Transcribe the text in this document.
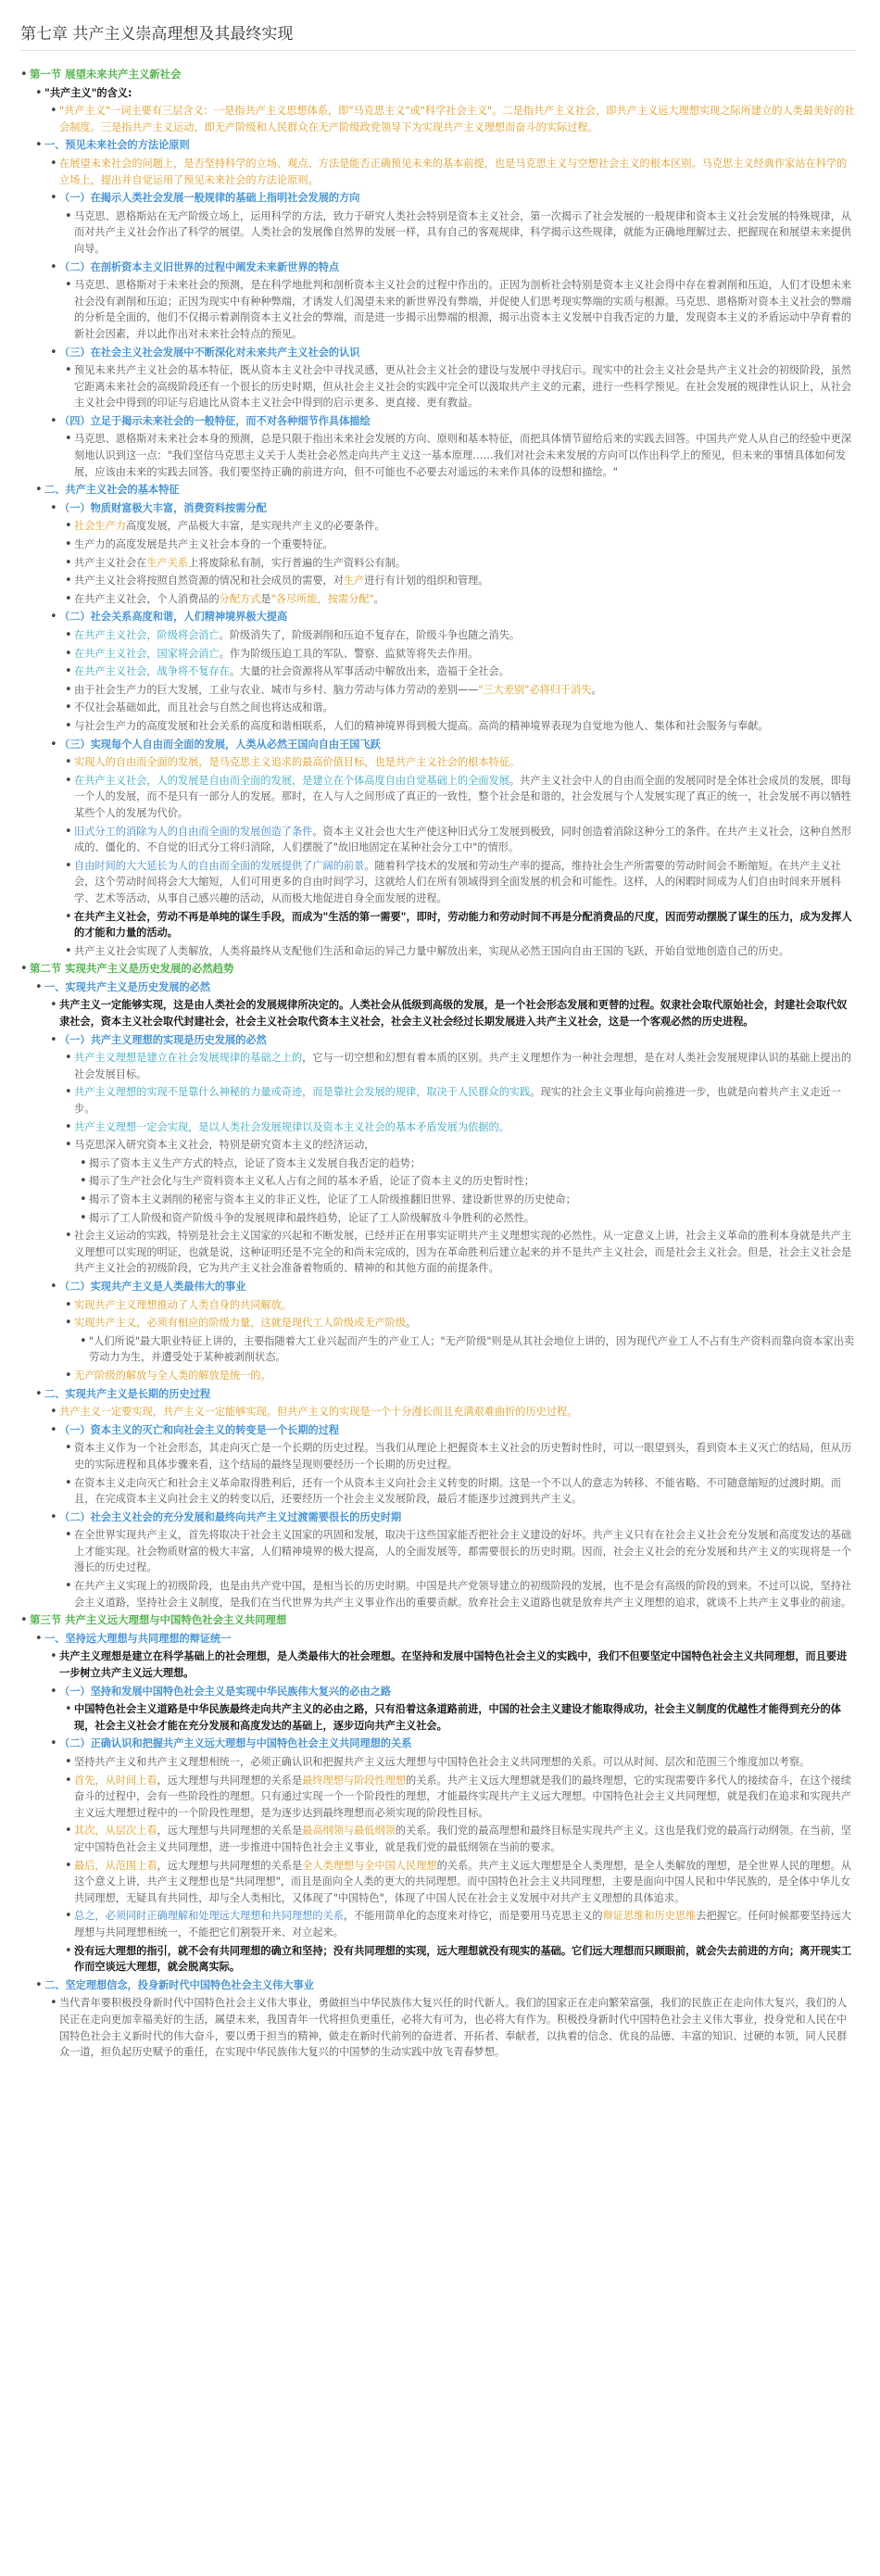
第七章 共产主义崇高理想及其最终实现
• 第一节 展望未来共产主义新社会
• "共产主义"的含义:
• "共产主义"一词主要有三层含义：一是指共产主义思想体系，即"马克思主义"或"科学社会主义"。二是指共产主义社会，即共产主义远大理想实现之际所建立的人类最美好的社会制度。三是指共产主义运动，即无产阶级和人民群众在无产阶级政党领导下为实现共产主义理想而奋斗的实际过程。
• 一、预见未来社会的方法论原则
• 在展望未来社会的问题上，是否坚持科学的立场、观点、方法是能否正确预见未来的基本前提，也是马克思主义与空想社会主义的根本区别。马克思主义经典作家站在科学的立场上，提出并自觉运用了预见未来社会的方法论原则。
• （一）在揭示人类社会发展一般规律的基础上指明社会发展的方向
• 马克思、恩格斯站在无产阶级立场上，运用科学的方法，致力于研究人类社会特别是资本主义社会，第一次揭示了社会发展的一般规律和资本主义社会发展的特殊规律，从而对共产主义社会作出了科学的展望。人类社会的发展像自然界的发展一样，具有自己的客观规律，科学揭示这些规律，就能为正确地理解过去、把握现在和展望未来提供向导。
• （二）在剖析资本主义旧世界的过程中阐发未来新世界的特点
• 马克思、恩格斯对于未来社会的预测，是在科学地批判和剖析资本主义社会的过程中作出的。正因为剖析社会特别是资本主义社会得中存在着剥削和压迫，人们才设想未来社会没有剥削和压迫；正因为现实中有种种弊端，才诱发人们渴望未来的新世界没有弊端，并促使人们思考现实弊端的实质与根源。马克思、恩格斯对资本主义社会的弊端的分析是全面的，他们不仅揭示着剥削资本主义社会的弊端，而是进一步揭示出弊端的根源，揭示出资本主义发展中自我否定的力量，发现资本主义的矛盾运动中孕育着的新社会因素，并以此作出对未来社会特点的预见。
• （三）在社会主义社会发展中不断深化对未来共产主义社会的认识
• 预见未来共产主义社会的基本特征，既从资本主义社会中寻找灵感，更从社会主义社会的建设与发展中寻找启示。现实中的社会主义社会是共产主义社会的初级阶段，虽然它距离未来社会的高级阶段还有一个很长的历史时期，但从社会主义社会的实践中完全可以汲取共产主义的元素，进行一些科学预见。在社会发展的规律性认识上，从社会主义社会中得到的印证与启迪比从资本主义社会中得到的启示更多、更直接、更有教益。
• （四）立足于揭示未来社会的一般特征，而不对各种细节作具体描绘
• 马克思、恩格斯对未来社会本身的预测，总是只限于指出未来社会发展的方向、原则和基本特征，而把具体情节留给后来的实践去回答。中国共产党人从自己的经验中更深刻地认识到这一点："我们坚信马克思主义关于人类社会必然走向共产主义这一基本原理……我们对社会未来发展的方向可以作出科学上的预见，但未来的事情具体如何发展，应该由未来的实践去回答。我们要坚持正确的前进方向，但不可能也不必要去对遥远的未来作具体的设想和描绘。"
• 二、共产主义社会的基本特征
• （一）物质财富极大丰富，消费资料按需分配
• 社会生产力高度发展，产品极大丰富，是实现共产主义的必要条件。
• 生产力的高度发展是共产主义社会本身的一个重要特征。
• 共产主义社会在生产关系上将废除私有制，实行普遍的生产资料公有制。
• 共产主义社会将按照自然资源的情况和社会成员的需要，对生产进行有计划的组织和管理。
• 在共产主义社会，个人消费品的分配方式是"各尽所能，按需分配"。
• （二）社会关系高度和谐，人们精神境界极大提高
• 在共产主义社会，阶级将会消亡。阶级消失了，阶级剥削和压迫不复存在，阶级斗争也随之消失。
• 在共产主义社会，国家将会消亡。作为阶级压迫工具的军队、警察、监狱等将失去作用。
• 在共产主义社会，战争将不复存在。大量的社会资源将从军事活动中解放出来，造福于全社会。
• 由于社会生产力的巨大发展，工业与农业、城市与乡村、脑力劳动与体力劳动的差别——"三大差别"必将归于消失。
• 不仅社会基础如此，而且社会与自然之间也将达成和谐。
• 与社会生产力的高度发展和社会关系的高度和谐相联系，人们的精神境界得到极大提高。高尚的精神境界表现为自觉地为他人、集体和社会服务与奉献。
• （三）实现每个人自由而全面的发展，人类从必然王国向自由王国飞跃
• 实现人的自由而全面的发展，是马克思主义追求的最高价值目标，也是共产主义社会的根本特征。
• 在共产主义社会，人的发展是自由而全面的发展，是建立在个体高度自由自觉基础上的全面发展。共产主义社会中人的自由而全面的发展同时是全体社会成员的发展，即每一个人的发展，而不是只有一部分人的发展。那时，在人与人之间形成了真正的一致性，整个社会是和谐的，社会发展与个人发展实现了真正的统一，社会发展不再以牺牲某些个人的发展为代价。
• 旧式分工的消除为人的自由而全面的发展创造了条件。资本主义社会也大生产使这种旧式分工发展到极致，同时创造着消除这种分工的条件。在共产主义社会，这种自然形成的、僵化的、不自觉的旧式分工将归消除，人们摆脱了"故旧地固定在某种社会分工中"的情形。
• 自由时间的大大延长为人的自由而全面的发展提供了广阔的前景。随着科学技术的发展和劳动生产率的提高，维持社会生产所需要的劳动时间会不断缩短。在共产主义社会，这个劳动时间将会大大缩短，人们可用更多的自由时间学习，这就给人们在所有领域得到全面发展的机会和可能性。这样，人的闲暇时间成为人们自由时间来开展科学、艺术等活动，从事自己感兴趣的活动，从而极大地促进自身全面发展的进程。
• 在共产主义社会，劳动不再是单纯的谋生手段，而成为"生活的第一需要"，即时，劳动能力和劳动时间不再是分配消费品的尺度，因而劳动摆脱了谋生的压力，成为发挥人的才能和力量的活动。
• 共产主义社会实现了人类解放，人类将最终从支配他们生活和命运的异己力量中解放出来，实现从必然王国向自由王国的飞跃，开始自觉地创造自己的历史。
• 第二节 实现共产主义是历史发展的必然趋势
• 一、实现共产主义是历史发展的必然
• 共产主义一定能够实现，这是由人类社会的发展规律所决定的。人类社会从低级到高级的发展，是一个社会形态发展和更替的过程。奴隶社会取代原始社会，封建社会取代奴隶社会，资本主义社会取代封建社会，社会主义社会取代资本主义社会，社会主义社会经过长期发展进入共产主义社会，这是一个客观必然的历史进程。
• （一）共产主义理想的实现是历史发展的必然
• 共产主义理想是建立在社会发展规律的基础之上的，它与一切空想和幻想有着本质的区别。共产主义理想作为一种社会理想，是在对人类社会发展规律认识的基础上提出的社会发展目标。
• 共产主义理想的实现不是靠什么神秘的力量或奇迹，而是靠社会发展的规律，取决于人民群众的实践。现实的社会主义事业每向前推进一步，也就是向着共产主义走近一步。
• 共产主义理想一定会实现，是以人类社会发展规律以及资本主义社会的基本矛盾发展为依据的。
• 马克思深入研究资本主义社会，特别是研究资本主义的经济运动，
• 揭示了资本主义生产方式的特点，论证了资本主义发展自我否定的趋势；
• 揭示了生产社会化与生产资料资本主义私人占有之间的基本矛盾，论证了资本主义的历史暂时性；
• 揭示了资本主义剥削的秘密与资本主义的非正义性，论证了工人阶级推翻旧世界、建设新世界的历史使命；
• 揭示了工人阶级和资产阶级斗争的发展规律和最终趋势，论证了工人阶级解放斗争胜利的必然性。
• 社会主义运动的实践，特别是社会主义国家的兴起和不断发展，已经并正在用事实证明共产主义理想实现的必然性。从一定意义上讲，社会主义革命的胜利本身就是共产主义理想可以实现的明证，也就是说，这种证明还是不完全的和尚未完成的，因为在革命胜利后建立起来的并不是共产主义社会，而是社会主义社会。但是，社会主义社会是共产主义社会的初级阶段，它为共产主义社会准备着物质的、精神的和其他方面的前提条件。
• （二）实现共产主义是人类最伟大的事业
• 实现共产主义理想推动了人类自身的共同解放。
• 实现共产主义，必须有相应的阶级力量，这就是现代工人阶级或无产阶级。
• "人们所说"最大职业特征上讲的，主要指随着大工业兴起而产生的产业工人；"无产阶级"则是从其社会地位上讲的，因为现代产业工人不占有生产资料而靠向资本家出卖劳动力为生，并遭受处于某种被剥削状态。
• 无产阶级的解放与全人类的解放是统一的。
• 二、实现共产主义是长期的历史过程
• 共产主义一定要实现，共产主义一定能够实现。但共产主义的实现是一个十分漫长而且充满艰难曲折的历史过程。
• （一）资本主义的灭亡和向社会主义的转变是一个长期的过程
• 资本主义作为一个社会形态，其走向灭亡是一个长期的历史过程。当我们从理论上把握资本主义社会的历史暂时性时，可以一眼望到头，看到资本主义灭亡的结局，但从历史的实际进程和具体步骤来看，这个结局的最终呈现则要经历一个长期的历史过程。
• 在资本主义走向灭亡和社会主义革命取得胜利后，还有一个从资本主义向社会主义转变的时期。这是一个不以人的意志为转移、不能省略、不可随意缩短的过渡时期。而且，在完成资本主义向社会主义的转变以后，还要经历一个社会主义发展阶段，最后才能逐步过渡到共产主义。
• （二）社会主义社会的充分发展和最终向共产主义过渡需要很长的历史时期
• 在全世界实现共产主义，首先将取决于社会主义国家的巩固和发展，取决于这些国家能否把社会主义建设的好坏。共产主义只有在社会主义社会充分发展和高度发达的基础上才能实现。社会物质财富的极大丰富，人们精神境界的极大提高，人的全面发展等，都需要很长的历史时期。因而，社会主义社会的充分发展和共产主义的实现将是一个漫长的历史过程。
• 在共产主义实现上的初级阶段，也是由共产党中国，是相当长的历史时期。中国是共产党领导建立的初级阶段的发展，也不是会有高级的阶段的到来。不过可以说，坚持社会主义道路，坚持社会主义制度，是我们在当代世界为共产主义事业作出的重要贡献。放弃社会主义道路也就是放弃共产主义理想的追求，就谈不上共产主义事业的前途。
• 第三节 共产主义远大理想与中国特色社会主义共同理想
• 一、坚持远大理想与共同理想的辩证统一
• 共产主义理想是建立在科学基础上的社会理想，是人类最伟大的社会理想。在坚持和发展中国特色社会主义的实践中，我们不但要坚定中国特色社会主义共同理想，而且要进一步树立共产主义远大理想。
• （一）坚持和发展中国特色社会主义是实现中华民族伟大复兴的必由之路
• 中国特色社会主义道路是中华民族最终走向共产主义的必由之路，只有沿着这条道路前进，中国的社会主义建设才能取得成功，社会主义制度的优越性才能得到充分的体现，社会主义社会才能在充分发展和高度发达的基础上，逐步迈向共产主义社会。
• （二）正确认识和把握共产主义远大理想与中国特色社会主义共同理想的关系
• 坚持共产主义和共产主义理想相统一，必须正确认识和把握共产主义远大理想与中国特色社会主义共同理想的关系。可以从时间、层次和范围三个维度加以考察。
• 首先，从时间上看，远大理想与共同理想的关系是最终理想与阶段性理想的关系。共产主义远大理想就是我们的最终理想，它的实现需要许多代人的接续奋斗，在这个接续奋斗的过程中，会有一些阶段性的理想。只有通过实现一个一个阶段性的理想，才能最终实现共产主义远大理想。中国特色社会主义共同理想，就是我们在追求和实现共产主义远大理想过程中的一个阶段性理想，是为逐步达到最终理想而必须实现的阶段性目标。
• 其次，从层次上看，远大理想与共同理想的关系是最高纲领与最低纲领的关系。我们党的最高理想和最终目标是实现共产主义。这也是我们党的最高行动纲领。在当前，坚定中国特色社会主义共同理想，进一步推进中国特色社会主义事业，就是我们党的最低纲领在当前的要求。
• 最后，从范围上看，远大理想与共同理想的关系是全人类理想与全中国人民理想的关系。共产主义远大理想是全人类理想，是全人类解放的理想，是全世界人民的理想。从这个意义上讲，共产主义理想也是"共同理想"，而且是面向全人类的更大的共同理想。而中国特色社会主义共同理想，主要是面向中国人民和中华民族的，是全体中华儿女共同理想，无疑具有共同性，却与全人类相比，又体现了"中国特色"，体现了中国人民在社会主义发展中对共产主义理想的具体追求。
• 总之，必须同时正确理解和处理远大理想和共同理想的关系，不能用简单化的态度来对待它，而是要用马克思主义的辩证思维和历史思维去把握它。任何时候都要坚持远大理想与共同理想相统一，不能把它们割裂开来、对立起来。
• 没有远大理想的指引，就不会有共同理想的确立和坚持；没有共同理想的实现，远大理想就没有现实的基础。它们远大理想而只顾眼前，就会失去前进的方向；离开现实工作而空谈远大理想，就会脱离实际。
• 二、坚定理想信念，投身新时代中国特色社会主义伟大事业
• 当代青年要积极投身新时代中国特色社会主义伟大事业，勇做担当中华民族伟大复兴任的时代新人。我们的国家正在走向繁荣富强，我们的民族正在走向伟大复兴，我们的人民正在走向更加幸福美好的生活，属望未来，我国青年一代将担负更重任，必将大有可为，也必将大有作为。积极投身新时代中国特色社会主义伟大事业，投身党和人民在中国特色社会主义新时代的伟大奋斗，要以勇于担当的精神，做走在新时代前列的奋进者、开拓者、奉献者，以执着的信念、优良的品德、丰富的知识、过硬的本领，同人民群众一道，担负起历史赋予的重任，在实现中华民族伟大复兴的中国梦的生动实践中放飞青春梦想。
